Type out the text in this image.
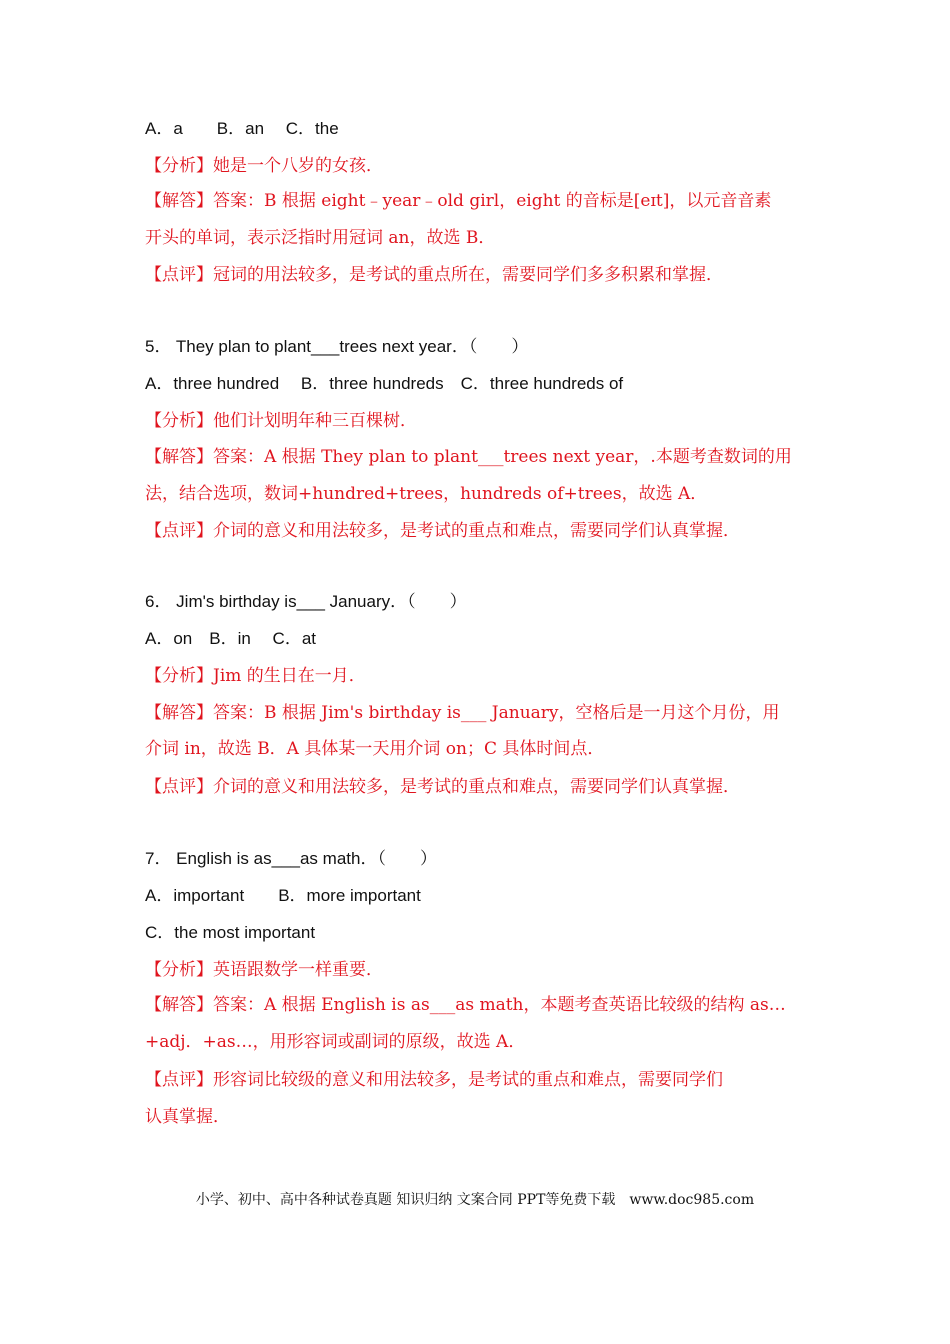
A．a　　B．an　 C．the
【分析】她是一个八岁的女孩．
【解答】答案：B 根据 eight﹣year﹣old girl，eight 的音标是[eɪt]，以元音音素
开头的单词，表示泛指时用冠词 an，故选 B．
【点评】冠词的用法较多，是考试的重点所在，需要同学们多多积累和掌握．
5． They plan to plant___trees next year．（　　）
A．three hundred　 B．three hundreds　C．three hundreds of
【分析】他们计划明年种三百棵树．
【解答】答案：A 根据 They plan to plant___trees next year，.本题考查数词的用
法，结合选项，数词+hundred+trees，hundreds of+trees，故选 A．
【点评】介词的意义和用法较多，是考试的重点和难点，需要同学们认真掌握．
6． Jim's birthday is___ January．（　　）
A．on　B．in　 C．at
【分析】Jim 的生日在一月．
【解答】答案：B 根据 Jim's birthday is___ January，空格后是一月这个月份，用
介词 in，故选 B．A 具体某一天用介词 on；C 具体时间点．
【点评】介词的意义和用法较多，是考试的重点和难点，需要同学们认真掌握．
7． English is as___as math．（　　）
A．important　　B．more important
C．the most important
【分析】英语跟数学一样重要．
【解答】答案：A 根据 English is as___as math，本题考查英语比较级的结构 as…
+adj．+as…，用形容词或副词的原级，故选 A．
【点评】形容词比较级的意义和用法较多，是考试的重点和难点，需要同学们
认真掌握．
小学、初中、高中各种试卷真题 知识归纳 文案合同 PPT等免费下载　www.doc985.com
